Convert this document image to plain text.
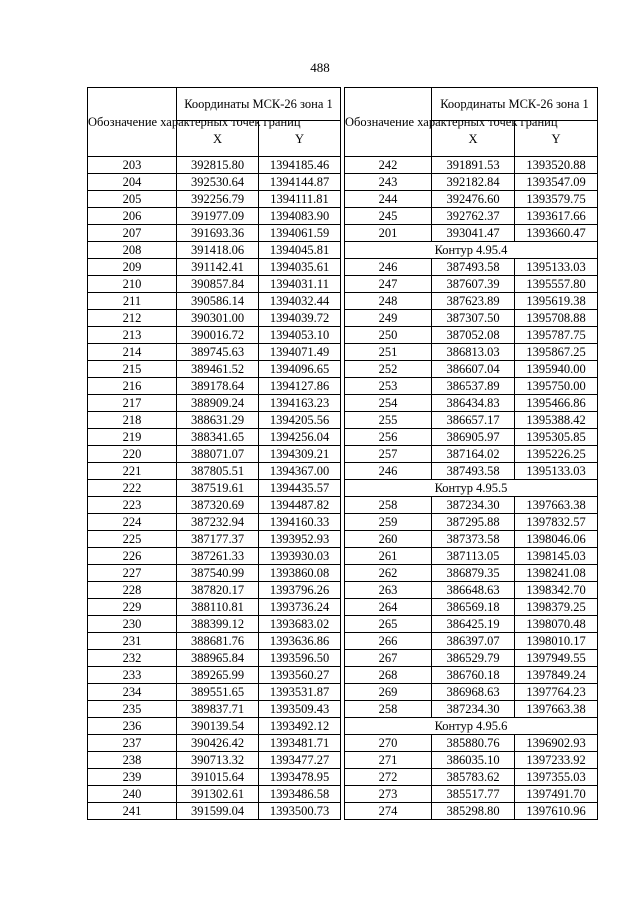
488
Обозначение характерных точек границ	Координаты МСК-26 зона 1	
	X	Y
203	392815.80	1394185.46
204	392530.64	1394144.87
205	392256.79	1394111.81
206	391977.09	1394083.90
207	391693.36	1394061.59
208	391418.06	1394045.81
209	391142.41	1394035.61
210	390857.84	1394031.11
211	390586.14	1394032.44
212	390301.00	1394039.72
213	390016.72	1394053.10
214	389745.63	1394071.49
215	389461.52	1394096.65
216	389178.64	1394127.86
217	388909.24	1394163.23
218	388631.29	1394205.56
219	388341.65	1394256.04
220	388071.07	1394309.21
221	387805.51	1394367.00
222	387519.61	1394435.57
223	387320.69	1394487.82
224	387232.94	1394160.33
225	387177.37	1393952.93
226	387261.33	1393930.03
227	387540.99	1393860.08
228	387820.17	1393796.26
229	388110.81	1393736.24
230	388399.12	1393683.02
231	388681.76	1393636.86
232	388965.84	1393596.50
233	389265.99	1393560.27
234	389551.65	1393531.87
235	389837.71	1393509.43
236	390139.54	1393492.12
237	390426.42	1393481.71
238	390713.32	1393477.27
239	391015.64	1393478.95
240	391302.61	1393486.58
241	391599.04	1393500.73
Обозначение характерных точек границ	Координаты МСК-26 зона 1	
	X	Y
242	391891.53	1393520.88
243	392182.84	1393547.09
244	392476.60	1393579.75
245	392762.37	1393617.66
201	393041.47	1393660.47
Контур 4.95.4		
246	387493.58	1395133.03
247	387607.39	1395557.80
248	387623.89	1395619.38
249	387307.50	1395708.88
250	387052.08	1395787.75
251	386813.03	1395867.25
252	386607.04	1395940.00
253	386537.89	1395750.00
254	386434.83	1395466.86
255	386657.17	1395388.42
256	386905.97	1395305.85
257	387164.02	1395226.25
246	387493.58	1395133.03
Контур 4.95.5		
258	387234.30	1397663.38
259	387295.88	1397832.57
260	387373.58	1398046.06
261	387113.05	1398145.03
262	386879.35	1398241.08
263	386648.63	1398342.70
264	386569.18	1398379.25
265	386425.19	1398070.48
266	386397.07	1398010.17
267	386529.79	1397949.55
268	386760.18	1397849.24
269	386968.63	1397764.23
258	387234.30	1397663.38
Контур 4.95.6		
270	385880.76	1396902.93
271	386035.10	1397233.92
272	385783.62	1397355.03
273	385517.77	1397491.70
274	385298.80	1397610.96
